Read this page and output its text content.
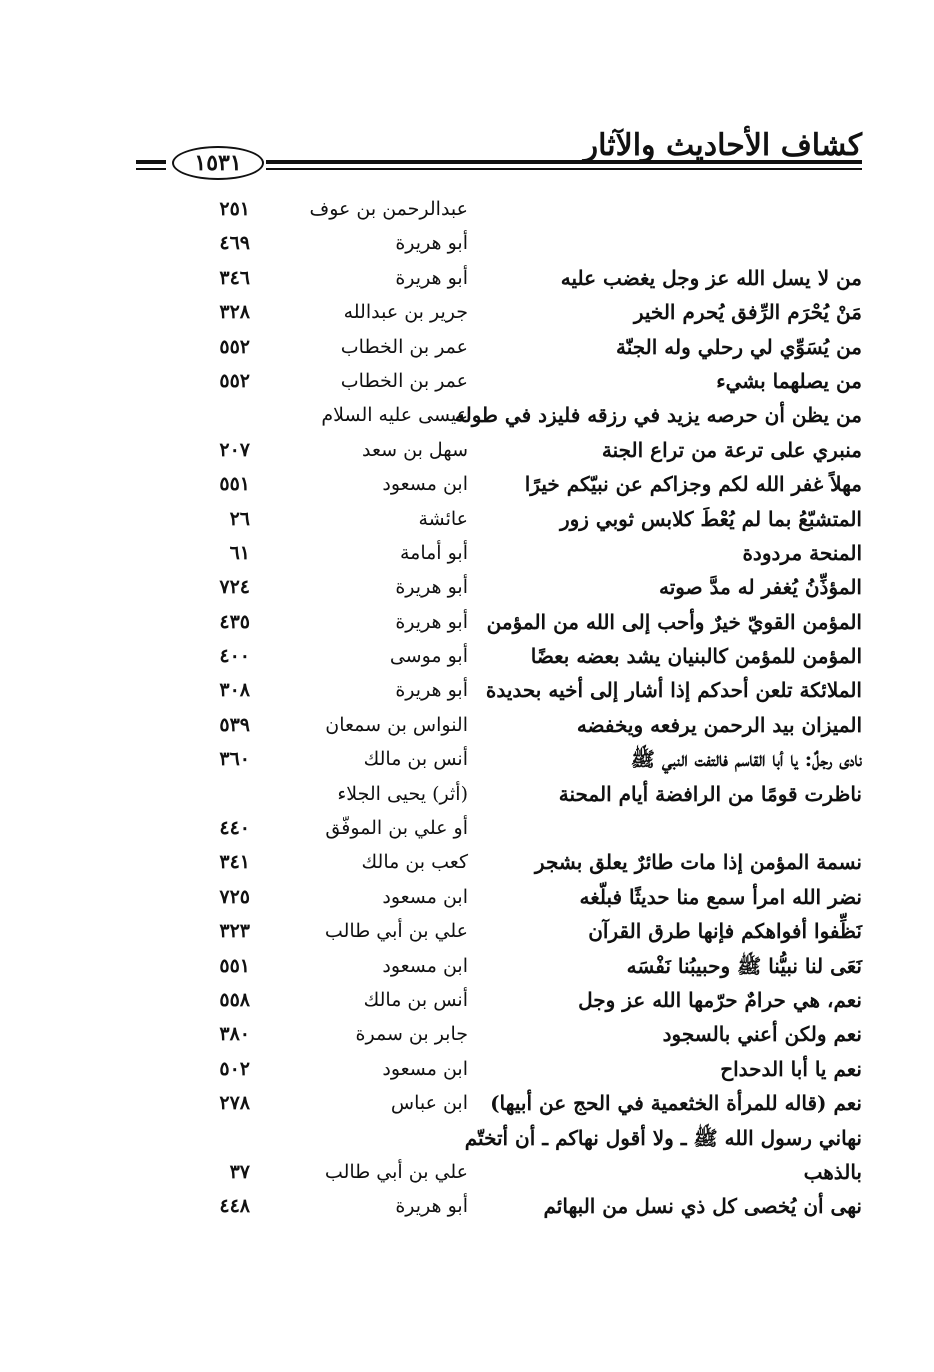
كشاف الأحاديث والآثار
١٥٣١
عبدالرحمن بن عوف
٢٥١
أبو هريرة
٤٦٩
من لا يسل الله عز وجل يغضب عليه
أبو هريرة
٣٤٦
مَنْ يُحْرَم الرِّفق يُحرم الخير
جرير بن عبدالله
٣٢٨
من يُسَوِّي لي رحلي وله الجنّة
عمر بن الخطاب
٥٥٢
من يصلهما بشيء
عمر بن الخطاب
٥٥٢
من يظن أن حرصه يزيد في رزقه فليزد في طوله
عيسى عليه السلام
منبري على ترعة من تراع الجنة
سهل بن سعد
٢٠٧
مهلاً غفر الله لكم وجزاكم عن نبيّكم خيرًا
ابن مسعود
٥٥١
المتشبّعُ بما لم يُعْطَ كلابس ثوبي زور
عائشة
٢٦
المنحة مردودة
أبو أمامة
٦١
المؤذِّنُ يُغفر له مدَّ صوته
أبو هريرة
٧٢٤
المؤمن القويّ خيرٌ وأحب إلى الله من المؤمن
أبو هريرة
٤٣٥
المؤمن للمؤمن كالبنيان يشد بعضه بعضًا
أبو موسى
٤٠٠
الملائكة تلعن أحدكم إذا أشار إلى أخيه بحديدة
أبو هريرة
٣٠٨
الميزان بيد الرحمن يرفعه ويخفضه
النواس بن سمعان
٥٣٩
نادى رجلٌ: يا أبا القاسم فالتفت النبي ﷺ
أنس بن مالك
٣٦٠
ناظرت قومًا من الرافضة أيام المحنة
(أثر) يحيى الجلاء
أو علي بن الموفّق
٤٤٠
نسمة المؤمن إذا مات طائرٌ يعلق بشجر
كعب بن مالك
٣٤١
نضر الله امرأ سمع منا حديثًا فبلّغه
ابن مسعود
٧٢٥
نَظِّفوا أفواهكم فإنها طرق القرآن
علي بن أبي طالب
٣٢٣
نَعَى لنا نبيُّنا ﷺ وحبيبُنا نَفْسَه
ابن مسعود
٥٥١
نعم، هي حرامٌ حرّمها الله عز وجل
أنس بن مالك
٥٥٨
نعم ولكن أعني بالسجود
جابر بن سمرة
٣٨٠
نعم يا أبا الدحداح
ابن مسعود
٥٠٢
نعم (قاله للمرأة الخثعمية في الحج عن أبيها)
ابن عباس
٢٧٨
نهاني رسول الله ﷺ ـ ولا أقول نهاكم ـ أن أتختّم
بالذهب
علي بن أبي طالب
٣٧
نهى أن يُخصى كل ذي نسل من البهائم
أبو هريرة
٤٤٨
